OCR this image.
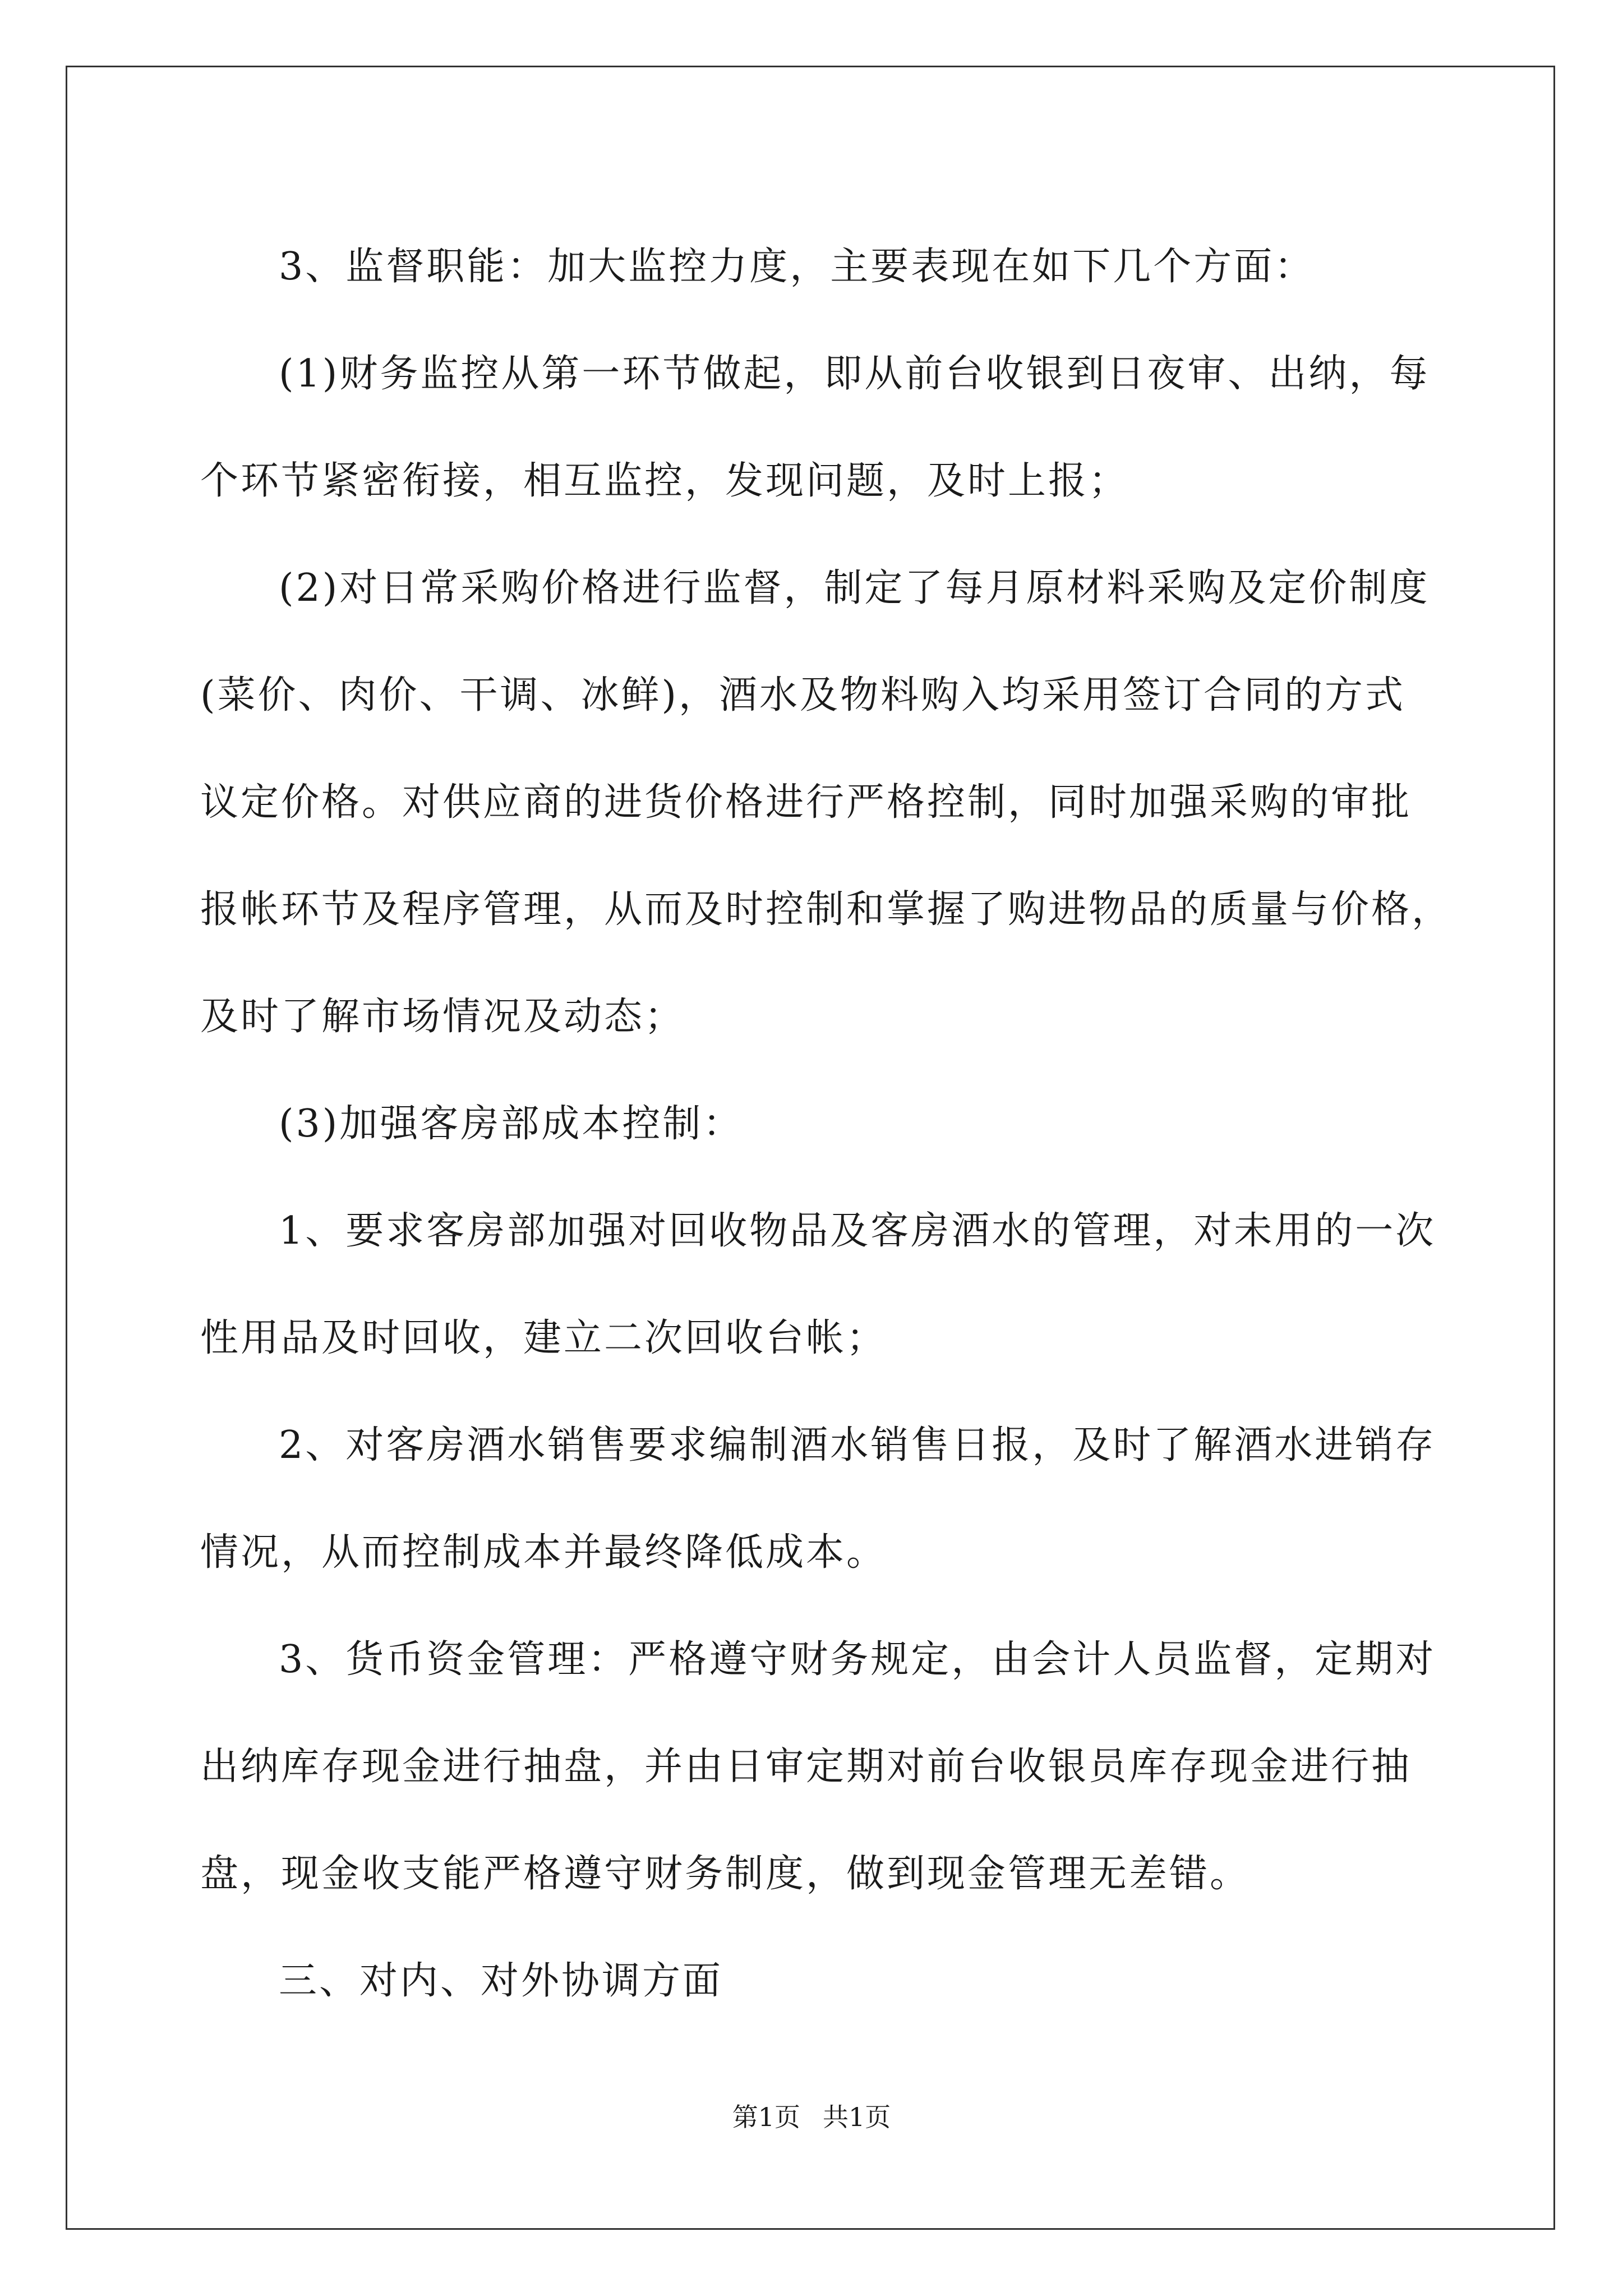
3、监督职能：加大监控力度，主要表现在如下几个方面：

(1)财务监控从第一环节做起，即从前台收银到日夜审、出纳，每
个环节紧密衔接，相互监控，发现问题，及时上报；

(2)对日常采购价格进行监督，制定了每月原材料采购及定价制度
(菜价、肉价、干调、冰鲜)，酒水及物料购入均采用签订合同的方式
议定价格。对供应商的进货价格进行严格控制，同时加强采购的审批
报帐环节及程序管理，从而及时控制和掌握了购进物品的质量与价格，
及时了解市场情况及动态；

(3)加强客房部成本控制：

1、要求客房部加强对回收物品及客房酒水的管理，对未用的一次
性用品及时回收，建立二次回收台帐；

2、对客房酒水销售要求编制酒水销售日报，及时了解酒水进销存
情况，从而控制成本并最终降低成本。

3、货币资金管理：严格遵守财务规定，由会计人员监督，定期对
出纳库存现金进行抽盘，并由日审定期对前台收银员库存现金进行抽
盘，现金收支能严格遵守财务制度，做到现金管理无差错。

三、对内、对外协调方面

第1页 共1页
